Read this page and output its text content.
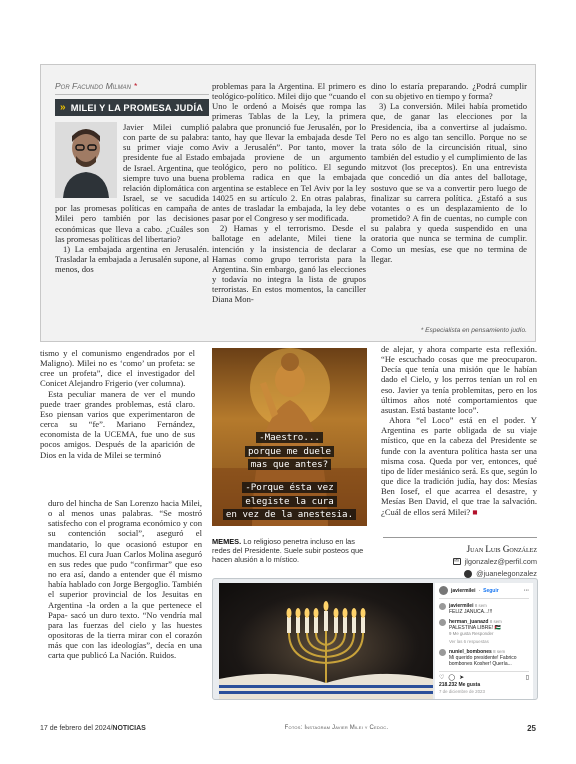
Por Facundo Milman *
» MILEI Y LA PROMESA JUDÍA

Javier Milei cumplió con parte de su palabra: su primer viaje como presidente fue al Estado de Israel. Argentina, que siempre tuvo una buena relación diplomática con Israel, se ve sacudida por las promesas políticas en campaña de Milei pero también por las decisiones económicas que lleva a cabo. ¿Cuáles son las promesas políticas del libertario?

1) La embajada argentina en Jerusalén. Trasladar la embajada a Jerusalén supone, al menos, dos

problemas para la Argentina. El primero es teológico-político. Milei dijo que “cuando el Uno le ordenó a Moisés que rompa las primeras Tablas de la Ley, la primera palabra que pronunció fue Jerusalén, por lo tanto, hay que llevar la embajada desde Tel Aviv a Jerusalén”. Por tanto, mover la embajada proviene de un argumento teológico, pero no político. El segundo problema radica en que la embajada argentina se establece en Tel Aviv por la ley 14025 en su artículo 2. En otras palabras, antes de trasladar la embajada, la ley debe pasar por el Congreso y ser modificada.

2) Hamas y el terrorismo. Desde el ballotage en adelante, Milei tiene la intención y la insistencia de declarar a Hamas como grupo terrorista para la Argentina. Sin embargo, ganó las elecciones y todavía no integra la lista de grupos terroristas. En estos momentos, la canciller Diana Mon-

dino lo estaría preparando. ¿Podrá cumplir con su objetivo en tiempo y forma?

3) La conversión. Milei había prometido que, de ganar las elecciones por la Presidencia, iba a convertirse al judaísmo. Pero no es algo tan sencillo. Porque no se trata sólo de la circuncisión ritual, sino también del estudio y el cumplimiento de las mitzvot (los preceptos). En una entrevista que concedió un día antes del ballotage, sostuvo que se va a convertir pero luego de finalizar su carrera política. ¿Estafó a sus votantes o es un desplazamiento de lo prometido? A fin de cuentas, no cumple con su palabra y queda suspendido en una oratoria que nunca se termina de cumplir. Como un mesías, ese que no termina de llegar.

* Especialista en pensamiento judío.

tismo y el comunismo engendrados por el Maligno). Milei no es ‘como’ un profeta: se cree un profeta”, dice el investigador del Conicet Alejandro Frigerio (ver columna).

Esta peculiar manera de ver el mundo puede traer grandes problemas, está claro. Eso piensan varios que experimentaron de cerca su “fe”. Mariano Fernández, economista de la UCEMA, fue uno de sus pocos amigos. Después de la aparición de Dios en la vida de Milei se terminó

duro del hincha de San Lorenzo hacia Milei, o al menos unas palabras. “Se mostró satisfecho con el programa económico y con su contención social”, aseguró el mandatario, lo que ocasionó estupor en muchos. El cura Juan Carlos Molina aseguró en sus redes que pudo “confirmar” que eso no era así, dando a entender que él mismo había hablado con Jorge Bergoglio. También el superior provincial de los Jesuitas en Argentina -la orden a la que pertenece el Papa- sacó un duro texto. “No vendría mal para las fuerzas del cielo y las huestes opositoras de la tierra mirar con el corazón más que con las ideologías”, decía en una carta que publicó La Nación. Ruidos.

de alejar, y ahora comparte esta reflexión. “He escuchado cosas que me preocuparon. Decía que tenía una misión que le habían dado el Cielo, y los perros tenían un rol en eso. Javier ya tenía problemitas, pero en los últimos años noté comportamientos que asustan. Está bastante loco”.

Ahora “el Loco” está en el poder. Y Argentina es parte obligada de su viaje místico, que en la cabeza del Presidente se funde con la aventura política hasta ser una misma cosa. Queda por ver, entonces, qué tipo de líder mesiánico será. Es que, según lo que dice la tradición judía, hay dos: Mesías Ben Iosef, el que acarrea el desastre, y Mesías Ben David, el que trae la salvación. ¿Cuál de ellos será Milei? ■

-Maestro...
porque me duele
mas que antes?
-Porque ésta vez
elegiste la cura
en vez de la anestesia.
MEMES. Lo religioso penetra incluso en las redes del Presidente. Suele subir posteos que hacen alusión a lo místico.
Juan Luis González
✉ jlgonzalez@perfil.com
@juanelegonzalez
javiermilei · Seguir	···
javiermilei 8 sem
FELIZ JANUCA...!!!
herman_juanazd 8 sem
PALESTINA LIBRE! 🇵🇸
9 Me gusta Responder
Ver las 6 respuestas
nuniel_bombones 8 sem
Mi querido presidente! Fabrico bombones Kosher! Quería...
♡ ◯ ➤	▯
218.232 Me gusta
7 de diciembre de 2023
17 de febrero del 2024/NOTICIAS	Fotos: Instagram Javier Milei y Cedoc.	25
